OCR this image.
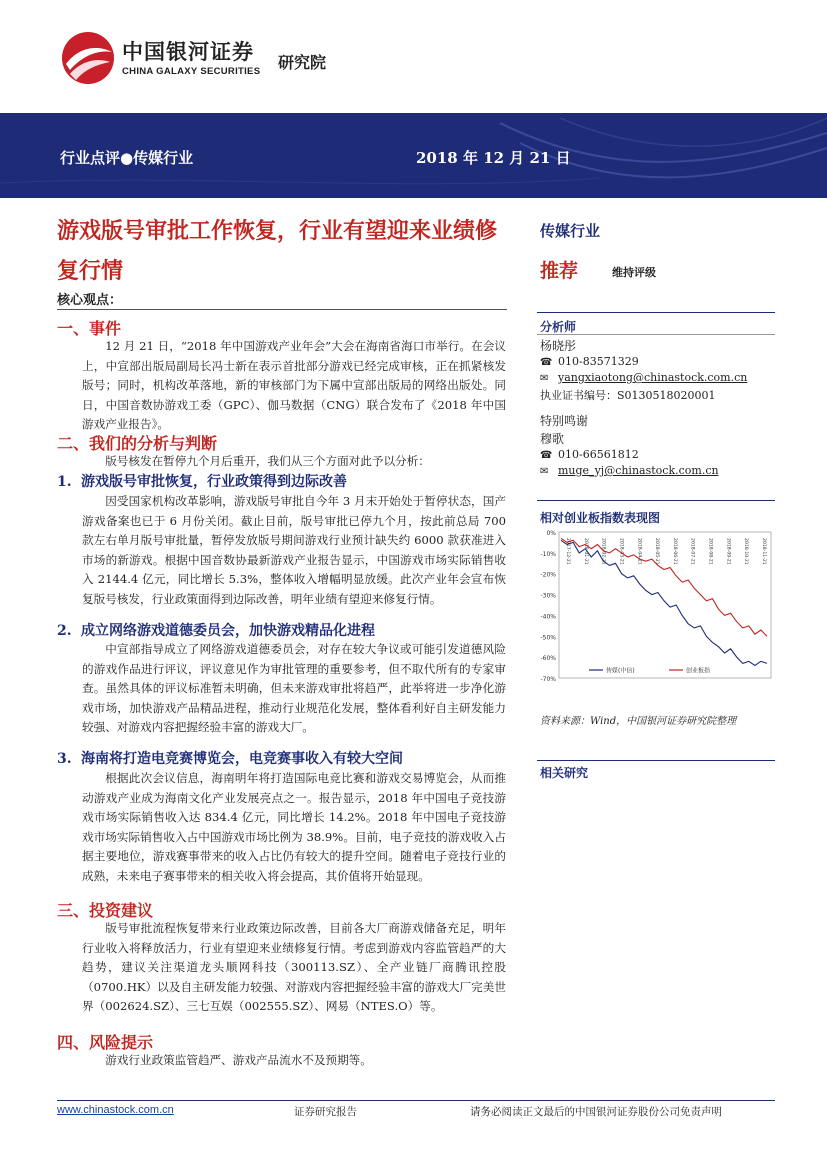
中国银河证券
CHINA GALAXY SECURITIES 研究院
行业点评●传媒行业	2018 年 12 月 21 日
游戏版号审批工作恢复，行业有望迎来业绩修复行情
核心观点：
一、事件
12 月 21 日，“2018 年中国游戏产业年会”大会在海南省海口市举行。在会议上，中宣部出版局副局长冯士新在表示首批部分游戏已经完成审核，正在抓紧核发版号；同时，机构改革落地，新的审核部门为下属中宣部出版局的网络出版处。同日，中国音数协游戏工委（GPC）、伽马数据（CNG）联合发布了《2018 年中国游戏产业报告》。
二、我们的分析与判断
版号核发在暂停九个月后重开，我们从三个方面对此予以分析：
1. 游戏版号审批恢复，行业政策得到边际改善
因受国家机构改革影响，游戏版号审批自今年 3 月末开始处于暂停状态，国产游戏备案也已于 6 月份关闭。截止目前，版号审批已停九个月，按此前总局 700 款左右单月版号审批量，暂停发放版号期间游戏行业预计缺失约 6000 款获准进入市场的新游戏。根据中国音数协最新游戏产业报告显示，中国游戏市场实际销售收入 2144.4 亿元，同比增长 5.3%，整体收入增幅明显放缓。此次产业年会宣布恢复版号核发，行业政策面得到边际改善，明年业绩有望迎来修复行情。
2. 成立网络游戏道德委员会，加快游戏精品化进程
中宣部指导成立了网络游戏道德委员会，对存在较大争议或可能引发道德风险的游戏作品进行评议，评议意见作为审批管理的重要参考，但不取代所有的专家审查。虽然具体的评议标准暂未明确，但未来游戏审批将趋严，此举将进一步净化游戏市场，加快游戏产品精品进程，推动行业规范化发展，整体看利好自主研发能力较强、对游戏内容把握经验丰富的游戏大厂。
3. 海南将打造电竞赛博览会，电竞赛事收入有较大空间
根据此次会议信息，海南明年将打造国际电竞比赛和游戏交易博览会，从而推动游戏产业成为海南文化产业发展亮点之一。报告显示，2018 年中国电子竞技游戏市场实际销售收入达 834.4 亿元，同比增长 14.2%。2018 年中国电子竞技游戏市场实际销售收入占中国游戏市场比例为 38.9%。目前，电子竞技的游戏收入占据主要地位，游戏赛事带来的收入占比仍有较大的提升空间。随着电子竞技行业的成熟，未来电子赛事带来的相关收入将会提高，其价值将开始显现。
三、投资建议
版号审批流程恢复带来行业政策边际改善，目前各大厂商游戏储备充足，明年行业收入将释放活力，行业有望迎来业绩修复行情。考虑到游戏内容监管趋严的大趋势，建议关注渠道龙头顺网科技（300113.SZ）、全产业链厂商腾讯控股（0700.HK）以及自主研发能力较强、对游戏内容把握经验丰富的游戏大厂完美世界（002624.SZ）、三七互娱（002555.SZ）、网易（NTES.O）等。
四、风险提示
游戏行业政策监管趋严、游戏产品流水不及预期等。
传媒行业
推荐	维持评级
分析师
杨晓彤
☎ 010-83571329
✉ yangxiaotong@chinastock.com.cn
执业证书编号：S0130518020001
特别鸣谢
穆歌
☎ 010-66561812
✉ muge_yj@chinastock.com.cn
相对创业板指数表现图
0%
-10%
-20%
-30%
-40%
-50%
-60%
-70%
2017-12-21	2018-01-21	2018-02-21	2018-03-21	2018-04-21	2018-05-21	2018-06-21	2018-07-21	2018-08-21	2018-09-21	2018-10-21	2018-11-21
传媒(中信)	创业板指
资料来源：Wind，中国银河证券研究院整理
相关研究
www.chinastock.com.cn	证券研究报告	请务必阅读正文最后的中国银河证券股份公司免责声明
